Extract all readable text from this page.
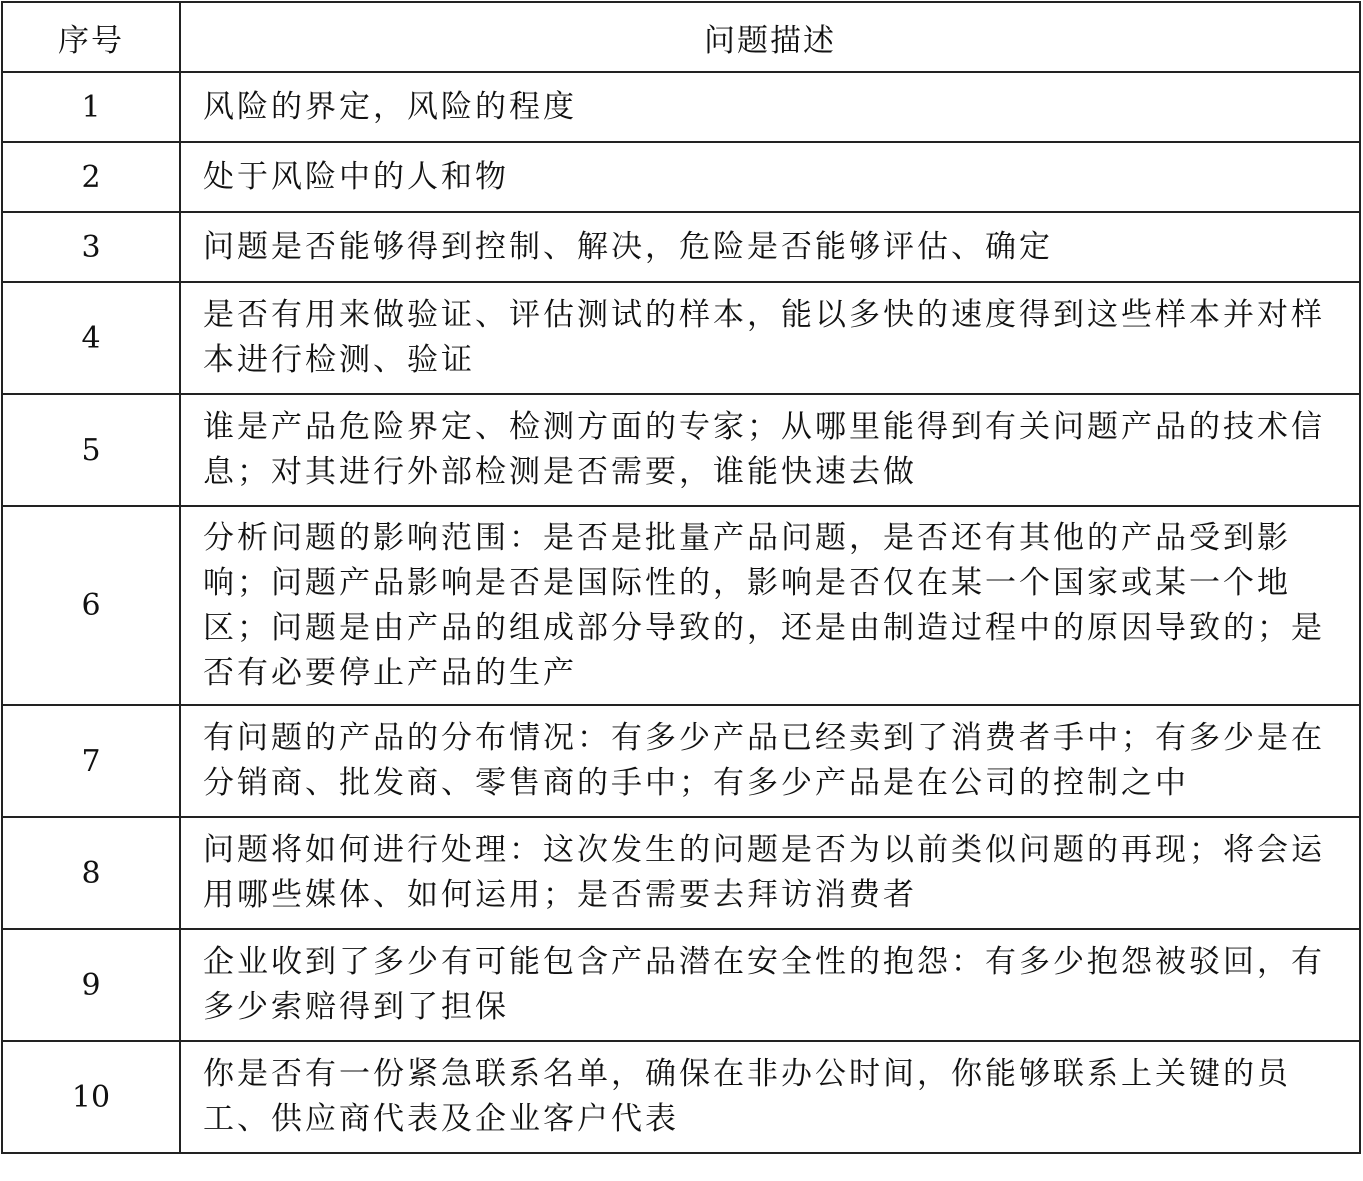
序号	问题描述
1	风险的界定，风险的程度
2	处于风险中的人和物
3	问题是否能够得到控制、解决，危险是否能够评估、确定
4	是否有用来做验证、评估测试的样本，能以多快的速度得到这些样本并对样本进行检测、验证
5	谁是产品危险界定、检测方面的专家；从哪里能得到有关问题产品的技术信息；对其进行外部检测是否需要，谁能快速去做
6	分析问题的影响范围：是否是批量产品问题，是否还有其他的产品受到影响；问题产品影响是否是国际性的，影响是否仅在某一个国家或某一个地区；问题是由产品的组成部分导致的，还是由制造过程中的原因导致的；是否有必要停止产品的生产
7	有问题的产品的分布情况：有多少产品已经卖到了消费者手中；有多少是在分销商、批发商、零售商的手中；有多少产品是在公司的控制之中
8	问题将如何进行处理：这次发生的问题是否为以前类似问题的再现；将会运用哪些媒体、如何运用；是否需要去拜访消费者
9	企业收到了多少有可能包含产品潜在安全性的抱怨：有多少抱怨被驳回，有多少索赔得到了担保
10	你是否有一份紧急联系名单，确保在非办公时间，你能够联系上关键的员工、供应商代表及企业客户代表
